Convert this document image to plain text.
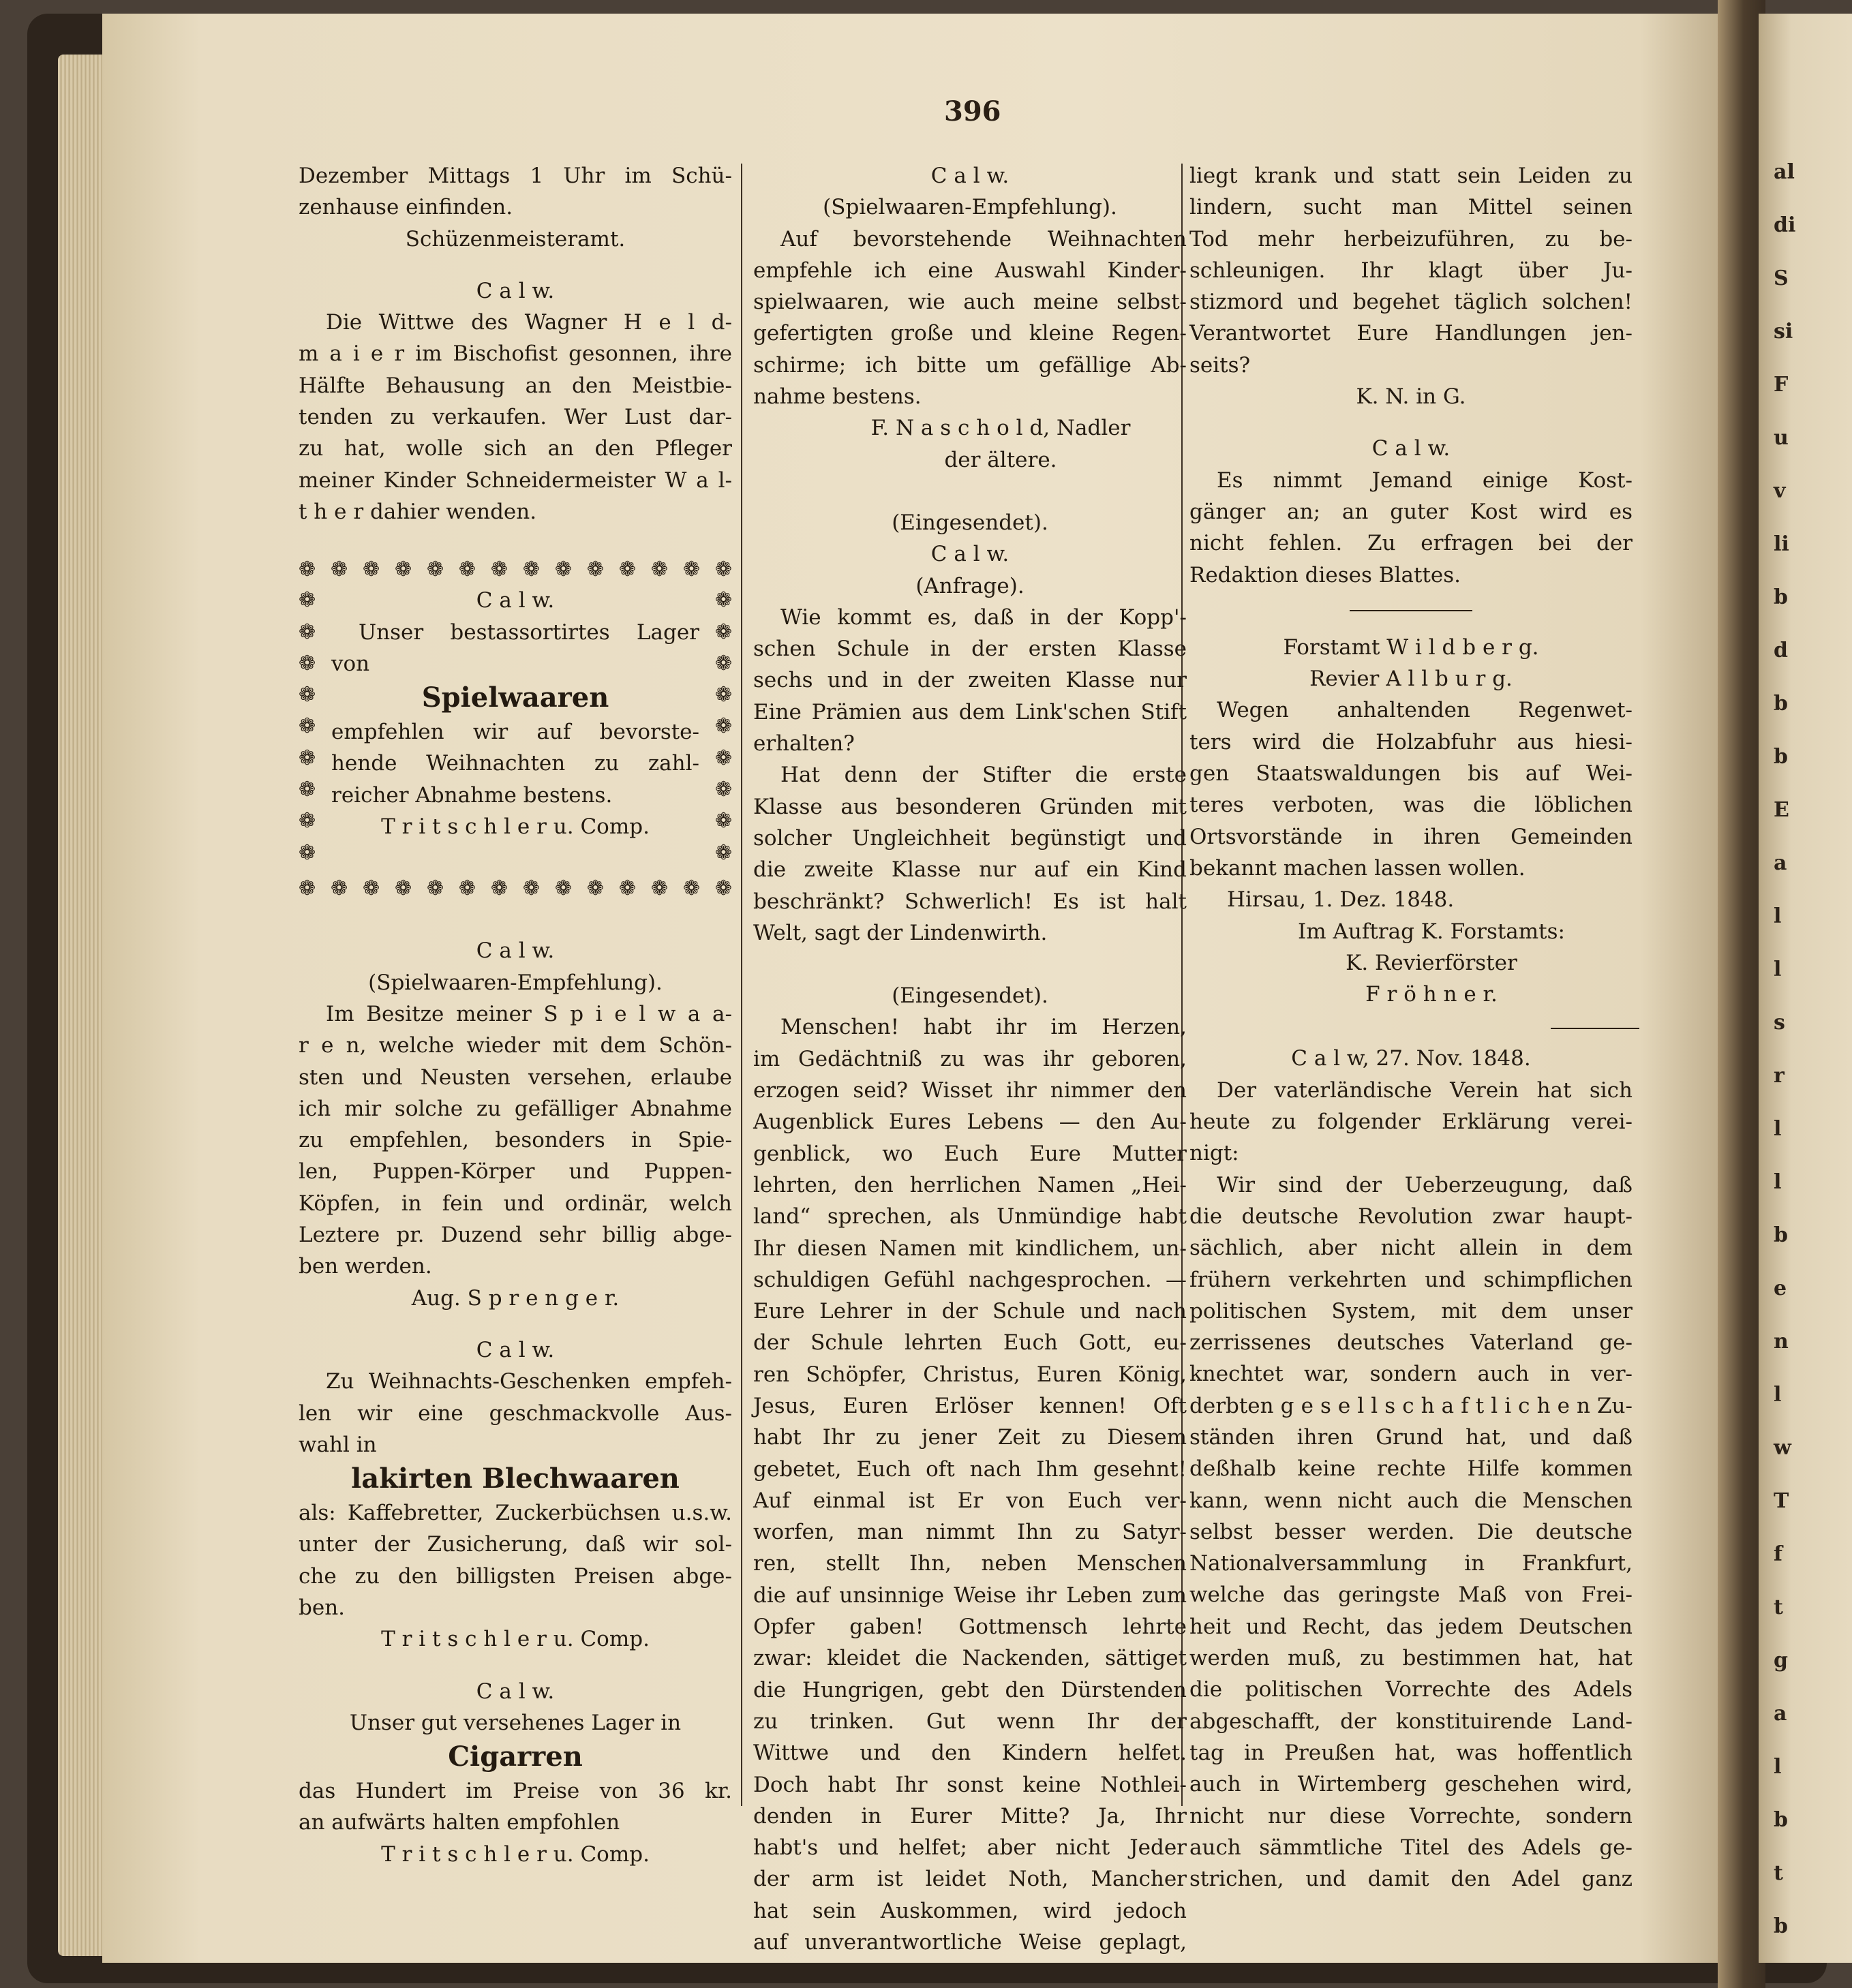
al
di
S
si
F
u
v
li
b
d
b
b
E
a
l
l
s
r
l
l
b
e
n
l
w
T
f
t
g
a
l
b
t
b
396

Dezember Mittags 1 Uhr im Schü-

zenhause einfinden.

Schüzenmeisteramt.

C a l w.

Die Wittwe des Wagner H e l d-

m a i e r im Bischofist gesonnen, ihre

Hälfte Behausung an den Meistbie-

tenden zu verkaufen. Wer Lust dar-

zu hat, wolle sich an den Pfleger

meiner Kinder Schneidermeister W a l-

t h e r dahier wenden.

❁ ❁ ❁ ❁ ❁ ❁ ❁ ❁ ❁ ❁ ❁ ❁ ❁ ❁
❁
❁
❁
❁
❁
❁
❁
❁
❁
❁
❁
❁
❁
❁
❁
❁
❁
❁

C a l w.

Unser bestassortirtes Lager

von

Spielwaaren

empfehlen wir auf bevorste-

hende Weihnachten zu zahl-

reicher Abnahme bestens.

T r i t s c h l e r u. Comp.

❁ ❁ ❁ ❁ ❁ ❁ ❁ ❁ ❁ ❁ ❁ ❁ ❁ ❁

C a l w.

(Spielwaaren-Empfehlung).

Im Besitze meiner S p i e l w a a-

r e n, welche wieder mit dem Schön-

sten und Neusten versehen, erlaube

ich mir solche zu gefälliger Abnahme

zu empfehlen, besonders in Spie-

len, Puppen-Körper und Puppen-

Köpfen, in fein und ordinär, welch

Leztere pr. Duzend sehr billig abge-

ben werden.

Aug. S p r e n g e r.

C a l w.

Zu Weihnachts-Geschenken empfeh-

len wir eine geschmackvolle Aus-

wahl in

lakirten Blechwaaren

als: Kaffebretter, Zuckerbüchsen u.s.w.

unter der Zusicherung, daß wir sol-

che zu den billigsten Preisen abge-

ben.

T r i t s c h l e r u. Comp.

C a l w.

Unser gut versehenes Lager in

Cigarren

das Hundert im Preise von 36 kr.

an aufwärts halten empfohlen

T r i t s c h l e r u. Comp.

C a l w.

(Spielwaaren-Empfehlung).

Auf bevorstehende Weihnachten

empfehle ich eine Auswahl Kinder-

spielwaaren, wie auch meine selbst-

gefertigten große und kleine Regen-

schirme; ich bitte um gefällige Ab-

nahme bestens.

F. N a s c h o l d, Nadler

der ältere.

(Eingesendet).

C a l w.

(Anfrage).

Wie kommt es, daß in der Kopp'-

schen Schule in der ersten Klasse

sechs und in der zweiten Klasse nur

Eine Prämien aus dem Link'schen Stift

erhalten?

Hat denn der Stifter die erste

Klasse aus besonderen Gründen mit

solcher Ungleichheit begünstigt und

die zweite Klasse nur auf ein Kind

beschränkt? Schwerlich! Es ist halt

Welt, sagt der Lindenwirth.

(Eingesendet).

Menschen! habt ihr im Herzen,

im Gedächtniß zu was ihr geboren,

erzogen seid? Wisset ihr nimmer den

Augenblick Eures Lebens — den Au-

genblick, wo Euch Eure Mutter

lehrten, den herrlichen Namen „Hei-

land“ sprechen, als Unmündige habt

Ihr diesen Namen mit kindlichem, un-

schuldigen Gefühl nachgesprochen. —

Eure Lehrer in der Schule und nach

der Schule lehrten Euch Gott, eu-

ren Schöpfer, Christus, Euren König,

Jesus, Euren Erlöser kennen! Oft

habt Ihr zu jener Zeit zu Diesem

gebetet, Euch oft nach Ihm gesehnt!

Auf einmal ist Er von Euch ver-

worfen, man nimmt Ihn zu Satyr-

ren, stellt Ihn, neben Menschen

die auf unsinnige Weise ihr Leben zum

Opfer gaben! Gottmensch lehrte

zwar: kleidet die Nackenden, sättiget

die Hungrigen, gebt den Dürstenden

zu trinken. Gut wenn Ihr der

Wittwe und den Kindern helfet.

Doch habt Ihr sonst keine Nothlei-

denden in Eurer Mitte? Ja, Ihr

habt's und helfet; aber nicht Jeder

der arm ist leidet Noth, Mancher

hat sein Auskommen, wird jedoch

auf unverantwortliche Weise geplagt,

liegt krank und statt sein Leiden zu

lindern, sucht man Mittel seinen

Tod mehr herbeizuführen, zu be-

schleunigen. Ihr klagt über Ju-

stizmord und begehet täglich solchen!

Verantwortet Eure Handlungen jen-

seits?

K. N. in G.

C a l w.

Es nimmt Jemand einige Kost-

gänger an; an guter Kost wird es

nicht fehlen. Zu erfragen bei der

Redaktion dieses Blattes.

Forstamt W i l d b e r g.

Revier A l l b u r g.

Wegen anhaltenden Regenwet-

ters wird die Holzabfuhr aus hiesi-

gen Staatswaldungen bis auf Wei-

teres verboten, was die löblichen

Ortsvorstände in ihren Gemeinden

bekannt machen lassen wollen.

Hirsau, 1. Dez. 1848.

Im Auftrag K. Forstamts:

K. Revierförster

F r ö h n e r.

C a l w, 27. Nov. 1848.

Der vaterländische Verein hat sich

heute zu folgender Erklärung verei-

nigt:

Wir sind der Ueberzeugung, daß

die deutsche Revolution zwar haupt-

sächlich, aber nicht allein in dem

frühern verkehrten und schimpflichen

politischen System, mit dem unser

zerrissenes deutsches Vaterland ge-

knechtet war, sondern auch in ver-

derbten g e s e l l s c h a f t l i c h e n Zu-

ständen ihren Grund hat, und daß

deßhalb keine rechte Hilfe kommen

kann, wenn nicht auch die Menschen

selbst besser werden. Die deutsche

Nationalversammlung in Frankfurt,

welche das geringste Maß von Frei-

heit und Recht, das jedem Deutschen

werden muß, zu bestimmen hat, hat

die politischen Vorrechte des Adels

abgeschafft, der konstituirende Land-

tag in Preußen hat, was hoffentlich

auch in Wirtemberg geschehen wird,

nicht nur diese Vorrechte, sondern

auch sämmtliche Titel des Adels ge-

strichen, und damit den Adel ganz
